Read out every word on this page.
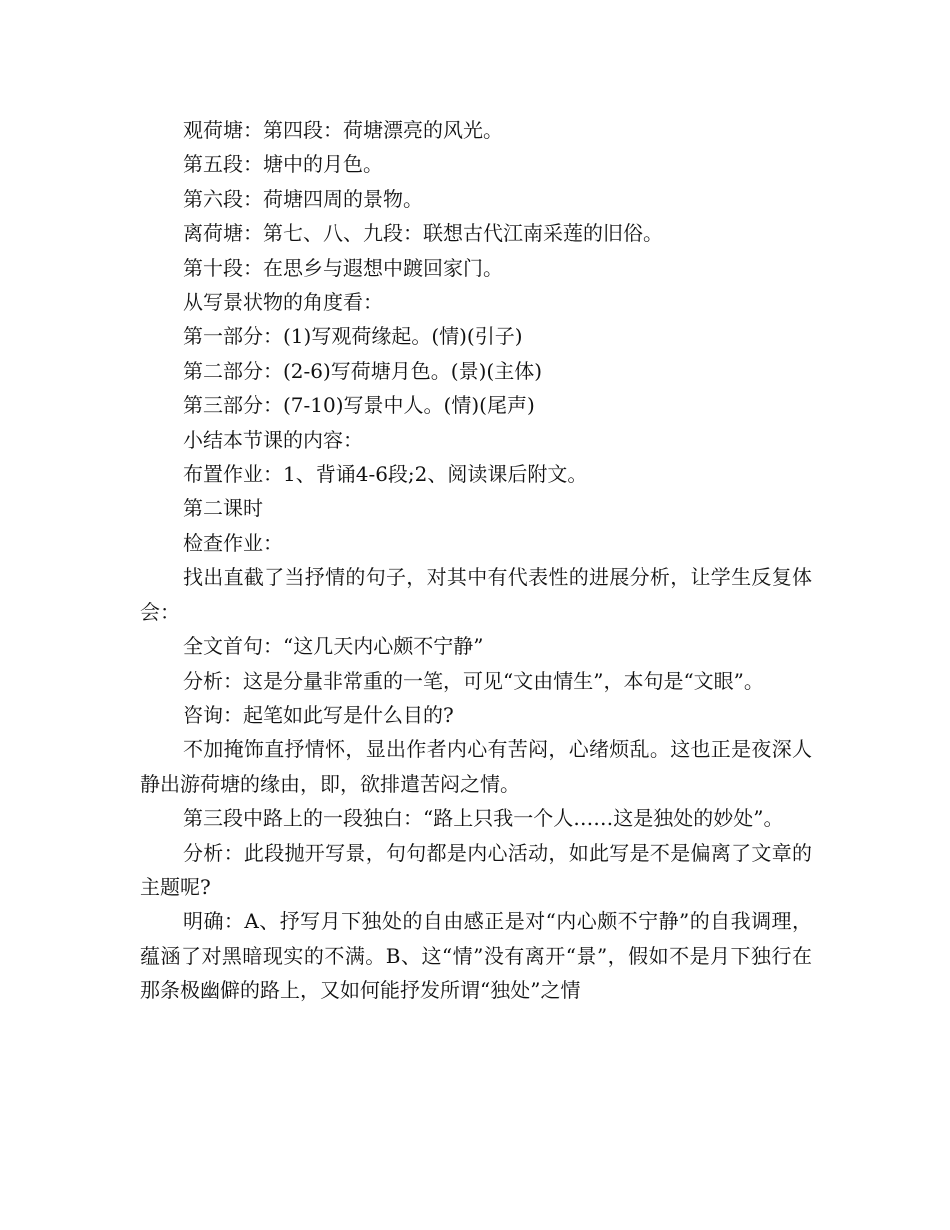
观荷塘：第四段：荷塘漂亮的风光。

第五段：塘中的月色。

第六段：荷塘四周的景物。

离荷塘：第七、八、九段：联想古代江南采莲的旧俗。

第十段：在思乡与遐想中踱回家门。

从写景状物的角度看：

第一部分：(1)写观荷缘起。(情)(引子)

第二部分：(2-6)写荷塘月色。(景)(主体)

第三部分：(7-10)写景中人。(情)(尾声)

小结本节课的内容：

布置作业：1、背诵4-6段;2、阅读课后附文。

第二课时

检查作业：

找出直截了当抒情的句子，对其中有代表性的进展分析，让学生反复体会：

全文首句：“这几天内心颇不宁静”

分析：这是分量非常重的一笔，可见“文由情生”，本句是“文眼”。

咨询：起笔如此写是什么目的?

不加掩饰直抒情怀，显出作者内心有苦闷，心绪烦乱。这也正是夜深人静出游荷塘的缘由，即，欲排遣苦闷之情。

第三段中路上的一段独白：“路上只我一个人……这是独处的妙处”。

分析：此段抛开写景，句句都是内心活动，如此写是不是偏离了文章的主题呢?

明确：A、抒写月下独处的自由感正是对“内心颇不宁静”的自我调理，蕴涵了对黑暗现实的不满。B、这“情”没有离开“景”，假如不是月下独行在那条极幽僻的路上，又如何能抒发所谓“独处”之情
